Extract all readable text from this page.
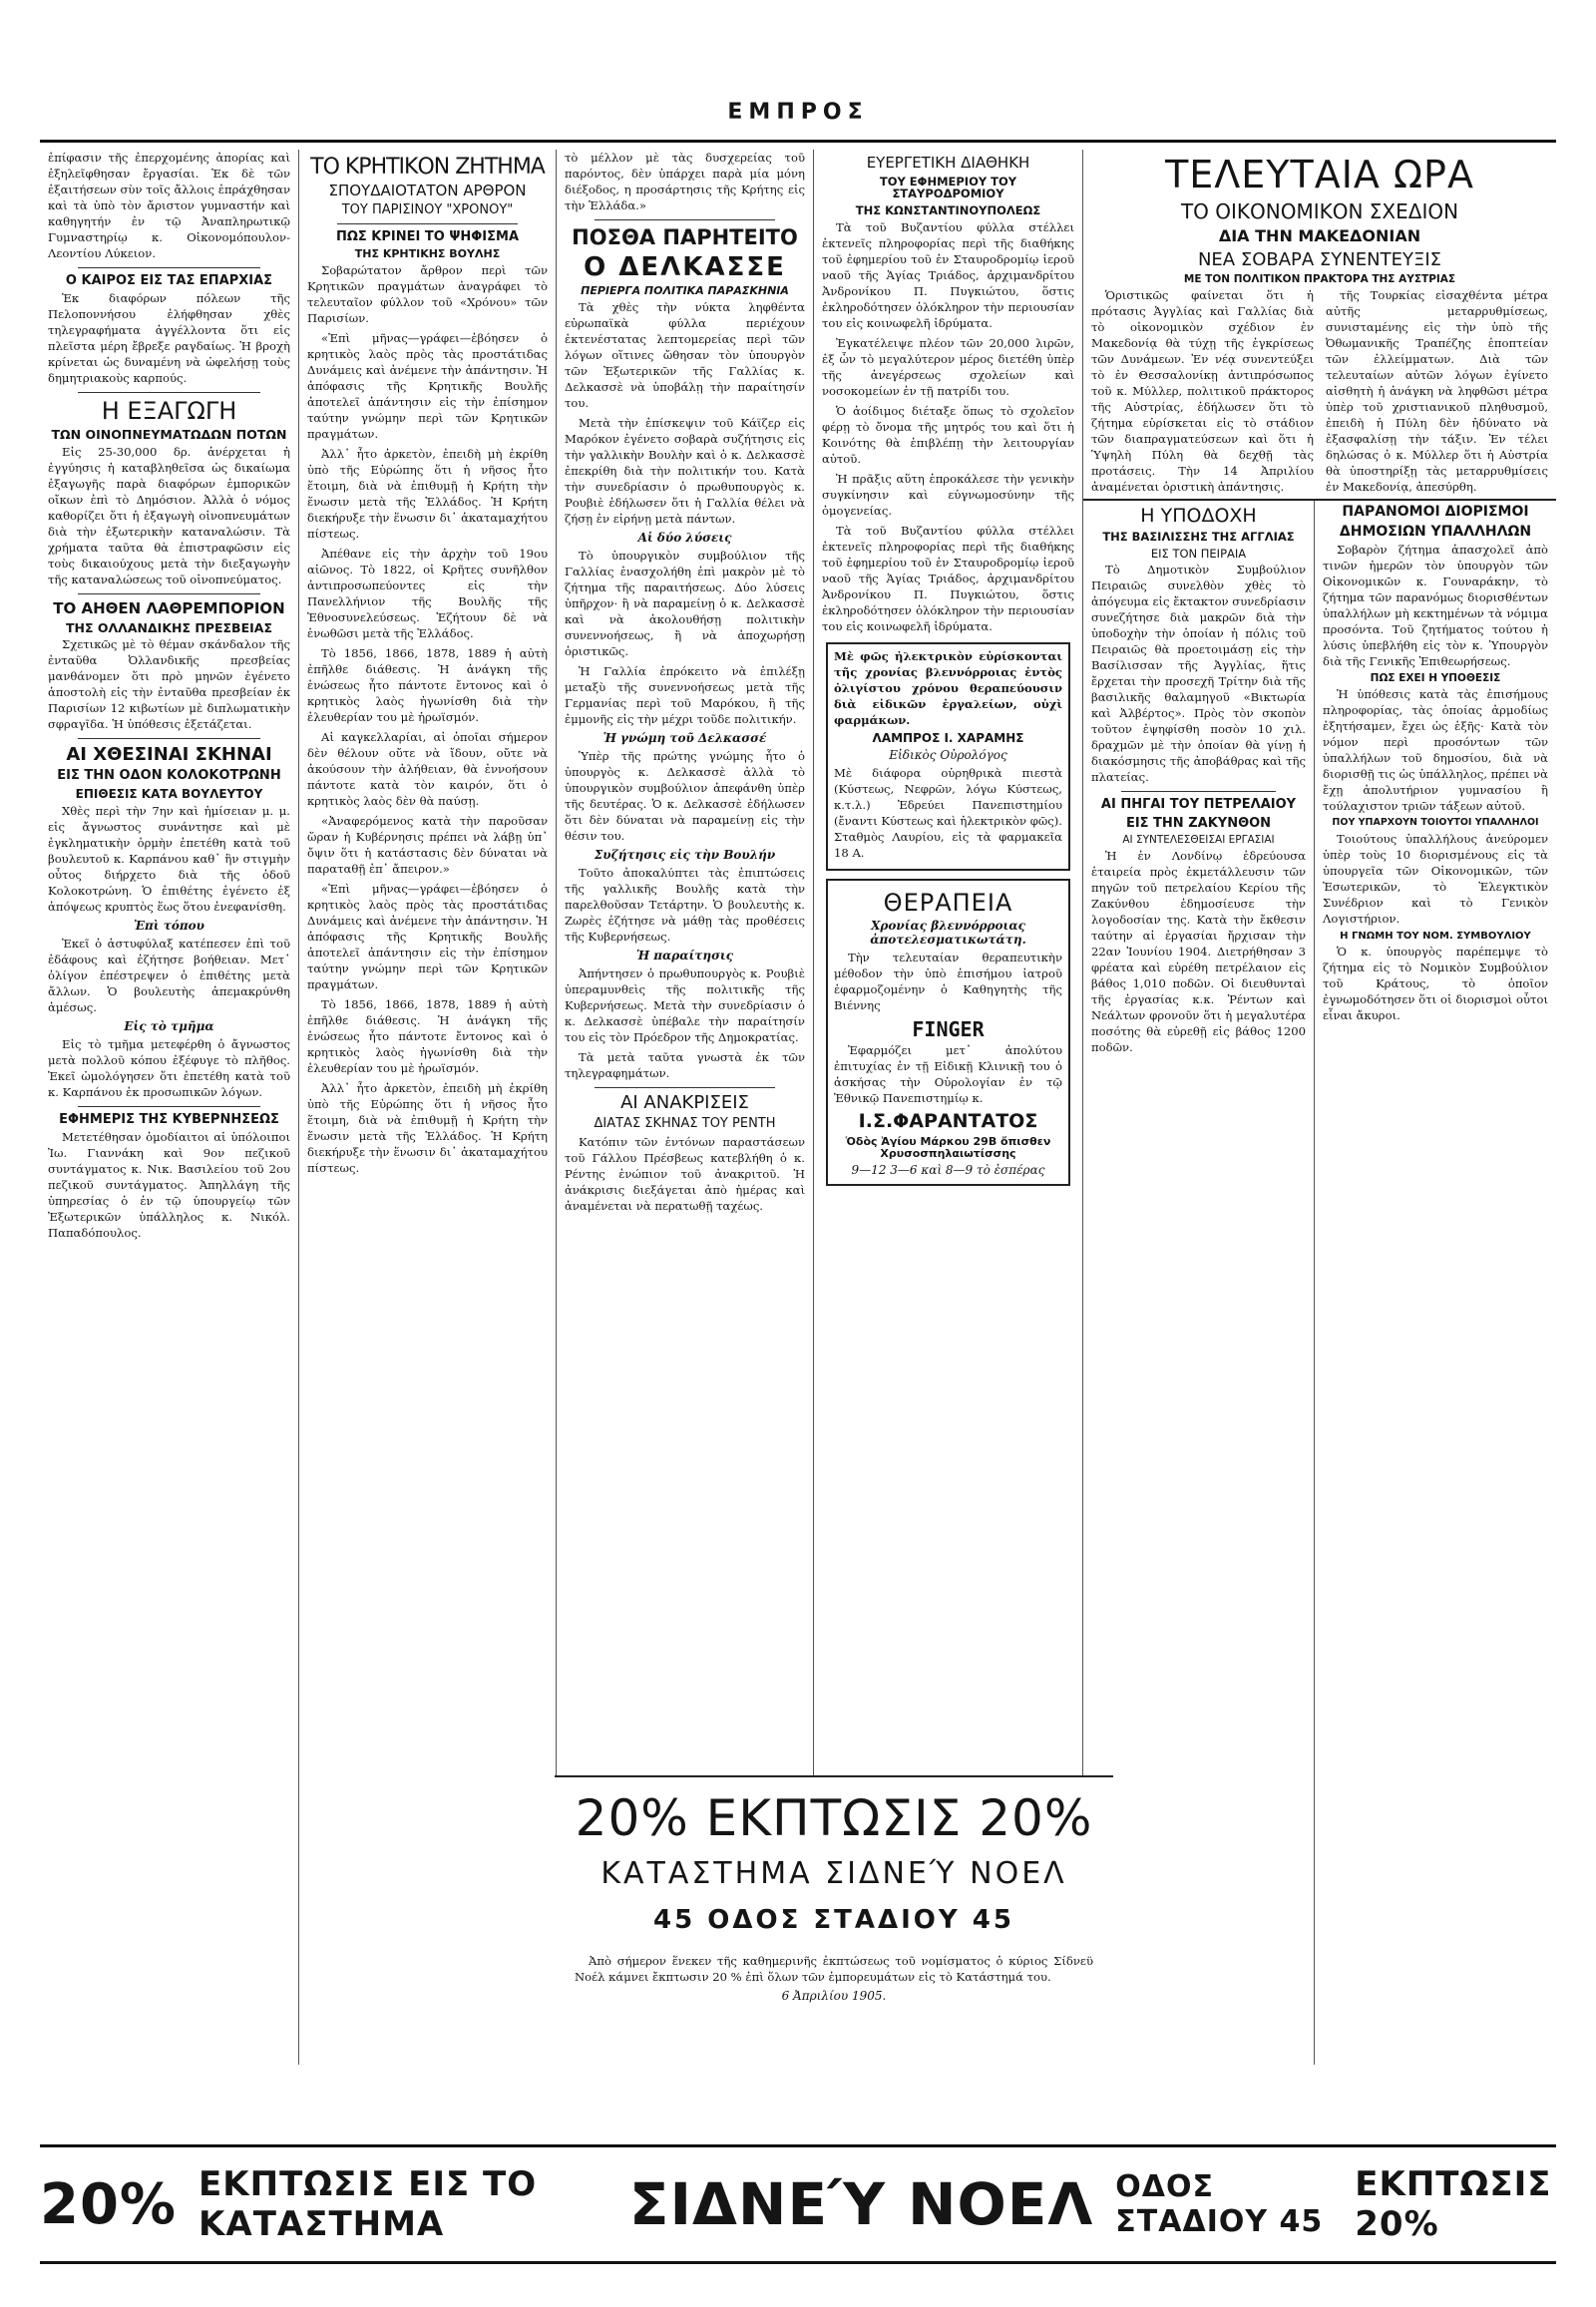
ΕΜΠΡΟΣ

ἐπίφασιν τῆς ἐπερχομένης ἀπορίας καὶ ἐξηλεῖφθησαν ἔργασίαι. Ἐκ δὲ τῶν ἐξαιτήσεων σὺν τοῖς ἄλλοις ἐπράχθησαν καὶ τὰ ὑπὸ τὸν ἄριστον γυμναστήν καὶ καθηγητήν ἐν τῷ Ἀναπληρωτικῷ Γυμναστηρίῳ κ. Οἰκονομόπουλον-Λεοντίου Λύκειον.

Ο ΚΑΙΡΟΣ ΕΙΣ ΤΑΣ ΕΠΑΡΧΙΑΣ

Ἐκ διαφόρων πόλεων τῆς Πελοποννήσου ἐλήφθησαν χθὲς τηλεγραφήματα ἀγγέλλοντα ὅτι εἰς πλεῖστα μέρη ἔβρεξε ραγδαίως. Ἡ βροχὴ κρίνεται ὡς δυναμένη νὰ ὠφελήσῃ τοὺς δημητριακοὺς καρπούς.

Η ΕΞΑΓΩΓΗ
ΤΩΝ ΟΙΝΟΠΝΕΥΜΑΤΩΔΩΝ ΠΟΤΩΝ

Εἰς 25-30,000 δρ. ἀνέρχεται ἡ ἐγγύησις ἡ καταβληθεῖσα ὡς δικαίωμα ἐξαγωγῆς παρὰ διαφόρων ἐμπορικῶν οἴκων ἐπὶ τὸ Δημόσιον. Ἀλλὰ ὁ νόμος καθορίζει ὅτι ἡ ἐξαγωγὴ οἰνοπνευμάτων διὰ τὴν ἐξωτερικὴν καταναλώσιν. Τὰ χρήματα ταῦτα θὰ ἐπιστραφῶσιν εἰς τοὺς δικαιούχους μετὰ τὴν διεξαγωγὴν τῆς καταναλώσεως τοῦ οἰνοπνεύματος.

ΤΟ ΑΗΘΕΝ ΛΑΘΡΕΜΠΟΡΙΟΝ
ΤΗΣ ΟΛΛΑΝΔΙΚΗΣ ΠΡΕΣΒΕΙΑΣ

Σχετικῶς μὲ τὸ θέμαν σκάνδαλον τῆς ἐνταῦθα Ὀλλανδικῆς πρεσβείας μανθάνομεν ὅτι πρὸ μηνῶν ἐγένετο ἀποστολὴ εἰς τὴν ἐνταῦθα πρεσβείαν ἐκ Παρισίων 12 κιβωτίων μὲ διπλωματικὴν σφραγῖδα. Ἡ ὑπόθεσις ἐξετάζεται.

ΑΙ ΧΘΕΣΙΝΑΙ ΣΚΗΝΑΙ
ΕΙΣ ΤΗΝ ΟΔΟΝ ΚΟΛΟΚΟΤΡΩΝΗ
ΕΠΙΘΕΣΙΣ ΚΑΤΑ ΒΟΥΛΕΥΤΟΥ

Χθὲς περὶ τὴν 7ην καὶ ἡμίσειαν μ. μ. εἰς ἄγνωστος συνάντησε καὶ μὲ ἐγκληματικὴν ὁρμὴν ἐπετέθη κατὰ τοῦ βουλευτοῦ κ. Καρπάνου καθ᾽ ἣν στιγμὴν οὗτος διήρχετο διὰ τῆς ὁδοῦ Κολοκοτρώνη. Ὁ ἐπιθέτης ἐγένετο ἐξ ἀπόψεως κρυπτὸς ἕως ὅτου ἐνεφανίσθη.

Ἐπὶ τόπου

Ἐκεῖ ὁ ἀστυφύλαξ κατέπεσεν ἐπὶ τοῦ ἐδάφους καὶ ἐζήτησε βοήθειαν. Μετ᾽ ὀλίγον ἐπέστρεψεν ὁ ἐπιθέτης μετὰ ἄλλων. Ὁ βουλευτὴς ἀπεμακρύνθη ἀμέσως.

Εἰς τὸ τμῆμα

Εἰς τὸ τμῆμα μετεφέρθη ὁ ἄγνωστος μετὰ πολλοῦ κόπου ἐξέφυγε τὸ πλῆθος. Ἐκεῖ ὡμολόγησεν ὅτι ἐπετέθη κατὰ τοῦ κ. Καρπάνου ἐκ προσωπικῶν λόγων.

ΕΦΗΜΕΡΙΣ ΤΗΣ ΚΥΒΕΡΝΗΣΕΩΣ

Μετετέθησαν ὁμοδίαιτοι αἱ ὑπόλοιποι Ἰω. Γιαννάκη καὶ 9ον πεζικοῦ συντάγματος κ. Νικ. Βασιλείου τοῦ 2ου πεζικοῦ συντάγματος. Ἀπηλλάγη τῆς ὑπηρεσίας ὁ ἐν τῷ ὑπουργείῳ τῶν Ἐξωτερικῶν ὑπάλληλος κ. Νικόλ. Παπαδόπουλος.

ΤΟ ΚΡΗΤΙΚΟΝ ΖΗΤΗΜΑ
ΣΠΟΥΔΑΙΟΤΑΤΟΝ ΑΡΘΡΟΝ
ΤΟΥ ΠΑΡΙΣΙΝΟΥ "ΧΡΟΝΟΥ"
ΠΩΣ ΚΡΙΝΕΙ ΤΟ ΨΗΦΙΣΜΑ
ΤΗΣ ΚΡΗΤΙΚΗΣ ΒΟΥΛΗΣ

Σοβαρώτατον ἄρθρον περὶ τῶν Κρητικῶν πραγμάτων ἀναγράφει τὸ τελευταῖον φύλλον τοῦ «Χρόνου» τῶν Παρισίων.

«Ἐπὶ μῆνας—γράφει—ἐβόησεν ὁ κρητικὸς λαὸς πρὸς τὰς προστάτιδας Δυνάμεις καὶ ἀνέμενε τὴν ἀπάντησιν. Ἡ ἀπόφασις τῆς Κρητικῆς Βουλῆς ἀποτελεῖ ἀπάντησιν εἰς τὴν ἐπίσημον ταύτην γνώμην περὶ τῶν Κρητικῶν πραγμάτων.

Ἀλλ᾽ ἦτο ἀρκετὸν, ἐπειδὴ μὴ ἐκρίθη ὑπὸ τῆς Εὐρώπης ὅτι ἡ νῆσος ἦτο ἕτοιμη, διὰ νὰ ἐπιθυμῇ ἡ Κρήτη τὴν ἕνωσιν μετὰ τῆς Ἑλλάδος. Ἡ Κρήτη διεκήρυξε τὴν ἕνωσιν δι᾽ ἀκαταμαχήτου πίστεως.

Ἀπέθανε εἰς τὴν ἀρχὴν τοῦ 19ου αἰῶνος. Τὸ 1822, οἱ Κρῆτες συνῆλθον ἀντιπροσωπεύοντες εἰς τὴν Πανελλήνιον τῆς Βουλῆς τῆς Ἐθνοσυνελεύσεως. Ἐζήτουν δὲ νὰ ἑνωθῶσι μετὰ τῆς Ἑλλάδος.

Τὸ 1856, 1866, 1878, 1889 ἡ αὐτὴ ἐπῆλθε διάθεσις. Ἡ ἀνάγκη τῆς ἑνώσεως ἦτο πάντοτε ἔντονος καὶ ὁ κρητικὸς λαὸς ἠγωνίσθη διὰ τὴν ἐλευθερίαν του μὲ ἡρωϊσμόν.

Αἱ καγκελλαρίαι, αἱ ὁποῖαι σήμερον δὲν θέλουν οὔτε νὰ ἴδουν, οὔτε νὰ ἀκούσουν τὴν ἀλήθειαν, θὰ ἐννοήσουν πάντοτε κατὰ τὸν καιρόν, ὅτι ὁ κρητικὸς λαὸς δὲν θὰ παύσῃ.

«Ἀναφερόμενος κατὰ τὴν παροῦσαν ὥραν ἡ Κυβέρνησις πρέπει νὰ λάβῃ ὑπ᾽ ὄψιν ὅτι ἡ κατάστασις δὲν δύναται νὰ παραταθῇ ἐπ᾽ ἄπειρον.»

«Ἐπὶ μῆνας—γράφει—ἐβόησεν ὁ κρητικὸς λαὸς πρὸς τὰς προστάτιδας Δυνάμεις καὶ ἀνέμενε τὴν ἀπάντησιν. Ἡ ἀπόφασις τῆς Κρητικῆς Βουλῆς ἀποτελεῖ ἀπάντησιν εἰς τὴν ἐπίσημον ταύτην γνώμην περὶ τῶν Κρητικῶν πραγμάτων.

Τὸ 1856, 1866, 1878, 1889 ἡ αὐτὴ ἐπῆλθε διάθεσις. Ἡ ἀνάγκη τῆς ἑνώσεως ἦτο πάντοτε ἔντονος καὶ ὁ κρητικὸς λαὸς ἠγωνίσθη διὰ τὴν ἐλευθερίαν του μὲ ἡρωϊσμόν.

Ἀλλ᾽ ἦτο ἀρκετὸν, ἐπειδὴ μὴ ἐκρίθη ὑπὸ τῆς Εὐρώπης ὅτι ἡ νῆσος ἦτο ἕτοιμη, διὰ νὰ ἐπιθυμῇ ἡ Κρήτη τὴν ἕνωσιν μετὰ τῆς Ἑλλάδος. Ἡ Κρήτη διεκήρυξε τὴν ἕνωσιν δι᾽ ἀκαταμαχήτου πίστεως.

τὸ μέλλον μὲ τὰς δυσχερείας τοῦ παρόντος, δὲν ὑπάρχει παρὰ μία μόνη διέξοδος, η προσάρτησις τῆς Κρήτης εἰς τὴν Ἑλλάδα.»

ΠΟΣΘΑ ΠΑΡΗΤΕΙΤΟ
Ο ΔΕΛΚΑΣΣΕ
ΠΕΡΙΕΡΓΑ ΠΟΛΙΤΙΚΑ ΠΑΡΑΣΚΗΝΙΑ

Τὰ χθὲς τὴν νύκτα ληφθέντα εὐρωπαϊκὰ φύλλα περιέχουν ἐκτενέστατας λεπτομερείας περὶ τῶν λόγων οἵτινες ὤθησαν τὸν ὑπουργὸν τῶν Ἐξωτερικῶν τῆς Γαλλίας κ. Δελκασσὲ νὰ ὑποβάλῃ τὴν παραίτησίν του.

Μετὰ τὴν ἐπίσκεψιν τοῦ Κάϊζερ εἰς Μαρόκον ἐγένετο σοβαρὰ συζήτησις εἰς τὴν γαλλικὴν Βουλὴν καὶ ὁ κ. Δελκασσὲ ἐπεκρίθη διὰ τὴν πολιτικήν του. Κατὰ τὴν συνεδρίασιν ὁ πρωθυπουργὸς κ. Ρουβιὲ ἐδήλωσεν ὅτι ἡ Γαλλία θέλει νὰ ζήσῃ ἐν εἰρήνῃ μετὰ πάντων.

Αἱ δύο λύσεις

Τὸ ὑπουργικὸν συμβούλιον τῆς Γαλλίας ἐνασχολήθη ἐπὶ μακρὸν μὲ τὸ ζήτημα τῆς παραιτήσεως. Δύο λύσεις ὑπῆρχον· ἢ νὰ παραμείνῃ ὁ κ. Δελκασσὲ καὶ νὰ ἀκολουθήσῃ πολιτικὴν συνεννοήσεως, ἢ νὰ ἀποχωρήσῃ ὁριστικῶς.

Ἡ Γαλλία ἐπρόκειτο νὰ ἐπιλέξῃ μεταξὺ τῆς συνεννοήσεως μετὰ τῆς Γερμανίας περὶ τοῦ Μαρόκου, ἢ τῆς ἐμμονῆς εἰς τὴν μέχρι τοῦδε πολιτικήν.

Ἡ γνώμη τοῦ Δελκασσέ

Ὑπὲρ τῆς πρώτης γνώμης ἦτο ὁ ὑπουργὸς κ. Δελκασσὲ ἀλλὰ τὸ ὑπουργικὸν συμβούλιον ἀπεφάνθη ὑπὲρ τῆς δευτέρας. Ὁ κ. Δελκασσὲ ἐδήλωσεν ὅτι δὲν δύναται νὰ παραμείνῃ εἰς τὴν θέσιν του.

Συζήτησις εἰς τὴν Βουλήν

Τοῦτο ἀποκαλύπτει τὰς ἐπιπτώσεις τῆς γαλλικῆς Βουλῆς κατὰ τὴν παρελθοῦσαν Τετάρτην. Ὁ βουλευτὴς κ. Ζωρὲς ἐζήτησε νὰ μάθῃ τὰς προθέσεις τῆς Κυβερνήσεως.

Ἡ παραίτησις

Ἀπήντησεν ὁ πρωθυπουργὸς κ. Ρουβιὲ ὑπεραμυνθεὶς τῆς πολιτικῆς τῆς Κυβερνήσεως. Μετὰ τὴν συνεδρίασιν ὁ κ. Δελκασσὲ ὑπέβαλε τὴν παραίτησίν του εἰς τὸν Πρόεδρον τῆς Δημοκρατίας.

Τὰ μετὰ ταῦτα γνωστὰ ἐκ τῶν τηλεγραφημάτων.

ΑΙ ΑΝΑΚΡΙΣΕΙΣ
ΔΙΑΤΑΣ ΣΚΗΝΑΣ ΤΟΥ ΡΕΝΤΗ

Κατόπιν τῶν ἐντόνων παραστάσεων τοῦ Γάλλου Πρέσβεως κατεβλήθη ὁ κ. Ρέντης ἐνώπιον τοῦ ἀνακριτοῦ. Ἡ ἀνάκρισις διεξάγεται ἀπὸ ἡμέρας καὶ ἀναμένεται νὰ περατωθῇ ταχέως.

ΕΥΕΡΓΕΤΙΚΗ ΔΙΑΘΗΚΗ
ΤΟΥ ΕΦΗΜΕΡΙΟΥ ΤΟΥ ΣΤΑΥΡΟΔΡΟΜΙΟΥ
ΤΗΣ ΚΩΝΣΤΑΝΤΙΝΟΥΠΟΛΕΩΣ

Τὰ τοῦ Βυζαντίου φύλλα στέλλει ἐκτενεῖς πληροφορίας περὶ τῆς διαθήκης τοῦ ἐφημερίου τοῦ ἐν Σταυροδρομίῳ ἱεροῦ ναοῦ τῆς Ἁγίας Τριάδος, ἀρχιμανδρίτου Ἀνδρονίκου Π. Πυγκιώτου, ὅστις ἐκληροδότησεν ὁλόκληρον τὴν περιουσίαν του εἰς κοινωφελῆ ἱδρύματα.

Ἐγκατέλειψε πλέον τῶν 20,000 λιρῶν, ἐξ ὧν τὸ μεγαλύτερον μέρος διετέθη ὑπὲρ τῆς ἀνεγέρσεως σχολείων καὶ νοσοκομείων ἐν τῇ πατρίδι του.

Ὁ ἀοίδιμος διέταξε ὅπως τὸ σχολεῖον φέρῃ τὸ ὄνομα τῆς μητρός του καὶ ὅτι ἡ Κοινότης θὰ ἐπιβλέπῃ τὴν λειτουργίαν αὐτοῦ.

Ἡ πρᾶξις αὕτη ἐπροκάλεσε τὴν γενικὴν συγκίνησιν καὶ εὐγνωμοσύνην τῆς ὁμογενείας.

Τὰ τοῦ Βυζαντίου φύλλα στέλλει ἐκτενεῖς πληροφορίας περὶ τῆς διαθήκης τοῦ ἐφημερίου τοῦ ἐν Σταυροδρομίῳ ἱεροῦ ναοῦ τῆς Ἁγίας Τριάδος, ἀρχιμανδρίτου Ἀνδρονίκου Π. Πυγκιώτου, ὅστις ἐκληροδότησεν ὁλόκληρον τὴν περιουσίαν του εἰς κοινωφελῆ ἱδρύματα.

Μὲ φῶς ἠλεκτρικὸν εὑρίσκονται τῆς χρονίας βλεννόρροιας ἐντὸς ὀλιγίστου χρόνου θεραπεύουσιν διὰ εἰδικῶν ἐργαλείων, οὐχὶ φαρμάκων.

ΛΑΜΠΡΟΣ Ι. ΧΑΡΑΜΗΣ
Εἰδικὸς Οὐρολόγος

Μὲ διάφορα οὐρηθρικὰ πιεστὰ (Κύστεως, Νεφρῶν, λόγω Κύστεως, κ.τ.λ.) Ἐδρεύει Πανεπιστημίου (ἔναντι Κύστεως καὶ ἠλεκτρικὸν φῶς). Σταθμὸς Λαυρίου, εἰς τὰ φαρμακεῖα 18 Α.

ΘΕΡΑΠΕΙΑ
Χρονίας βλεννόρροιας ἀποτελεσματικωτάτη.

Τὴν τελευταίαν θεραπευτικὴν μέθοδον τὴν ὑπὸ ἐπισήμου ἰατροῦ ἐφαρμοζομένην ὁ Καθηγητὴς τῆς Βιέννης

FINGER

Ἐφαρμόζει μετ᾽ ἀπολύτου ἐπιτυχίας ἐν τῇ Εἰδικῇ Κλινικῇ του ὁ ἀσκήσας τὴν Οὐρολογίαν ἐν τῷ Ἐθνικῷ Πανεπιστημίῳ κ.

Ι.Σ.ΦΑΡΑΝΤΑΤΟΣ
Ὁδὸς Ἁγίου Μάρκου 29Β ὄπισθεν Χρυσοσπηλαιωτίσσης
9—12 3—6 καὶ 8—9 τὸ ἑσπέρας
ΤΕΛΕΥΤΑΙΑ ΩΡΑ
ΤΟ ΟΙΚΟΝΟΜΙΚΟΝ ΣΧΕΔΙΟΝ
ΔΙΑ ΤΗΝ ΜΑΚΕΔΟΝΙΑΝ
ΝΕΑ ΣΟΒΑΡΑ ΣΥΝΕΝΤΕΥΞΙΣ
ΜΕ ΤΟΝ ΠΟΛΙΤΙΚΟΝ ΠΡΑΚΤΟΡΑ ΤΗΣ ΑΥΣΤΡΙΑΣ

Ὁριστικῶς φαίνεται ὅτι ἡ πρότασις Ἀγγλίας καὶ Γαλλίας διὰ τὸ οἰκονομικὸν σχέδιον ἐν Μακεδονίᾳ θὰ τύχῃ τῆς ἐγκρίσεως τῶν Δυνάμεων. Ἐν νέᾳ συνεντεύξει τὸ ἐν Θεσσαλονίκῃ ἀντιπρόσωπος τοῦ κ. Μύλλερ, πολιτικοῦ πράκτορος τῆς Αὐστρίας, ἐδήλωσεν ὅτι τὸ ζήτημα εὑρίσκεται εἰς τὸ στάδιον τῶν διαπραγματεύσεων καὶ ὅτι ἡ Ὑψηλὴ Πύλη θὰ δεχθῇ τὰς προτάσεις. Τὴν 14 Ἀπριλίου ἀναμένεται ὁριστικὴ ἀπάντησις.

τῆς Τουρκίας εἰσαχθέντα μέτρα αὐτῆς μεταρρυθμίσεως, συνισταμένης εἰς τὴν ὑπὸ τῆς Ὀθωμανικῆς Τραπέζης ἐποπτείαν τῶν ἐλλείμματων. Διὰ τῶν τελευταίων αὐτῶν λόγων ἐγίνετο αἰσθητὴ ἡ ἀνάγκη νὰ ληφθῶσι μέτρα ὑπὲρ τοῦ χριστιανικοῦ πληθυσμοῦ, ἐπειδὴ ἡ Πύλη δὲν ἠδύνατο νὰ ἐξασφαλίσῃ τὴν τάξιν. Ἐν τέλει δηλώσας ὁ κ. Μύλλερ ὅτι ἡ Αὐστρία θὰ ὑποστηρίξῃ τὰς μεταρρυθμίσεις ἐν Μακεδονίᾳ, ἀπεσύρθη.

Η ΥΠΟΔΟΧΗ
ΤΗΣ ΒΑΣΙΛΙΣΣΗΣ ΤΗΣ ΑΓΓΛΙΑΣ
ΕΙΣ ΤΟΝ ΠΕΙΡΑΙΑ

Τὸ Δημοτικὸν Συμβούλιον Πειραιῶς συνελθὸν χθὲς τὸ ἀπόγευμα εἰς ἔκτακτον συνεδρίασιν συνεζήτησε διὰ μακρῶν διὰ τὴν ὑποδοχὴν τὴν ὁποίαν ἡ πόλις τοῦ Πειραιῶς θὰ προετοιμάσῃ εἰς τὴν Βασίλισσαν τῆς Ἀγγλίας, ἥτις ἔρχεται τὴν προσεχῆ Τρίτην διὰ τῆς βασιλικῆς θαλαμηγοῦ «Βικτωρία καὶ Ἀλβέρτος». Πρὸς τὸν σκοπὸν τοῦτον ἐψηφίσθη ποσὸν 10 χιλ. δραχμῶν μὲ τὴν ὁποίαν θὰ γίνῃ ἡ διακόσμησις τῆς ἀποβάθρας καὶ τῆς πλατείας.

ΑΙ ΠΗΓΑΙ ΤΟΥ ΠΕΤΡΕΛΑΙΟΥ
ΕΙΣ ΤΗΝ ΖΑΚΥΝΘΟΝ
ΑΙ ΣΥΝΤΕΛΕΣΘΕΙΣΑΙ ΕΡΓΑΣΙΑΙ

Ἡ ἐν Λονδίνῳ ἑδρεύουσα ἑταιρεία πρὸς ἐκμετάλλευσιν τῶν πηγῶν τοῦ πετρελαίου Κερίου τῆς Ζακύνθου ἐδημοσίευσε τὴν λογοδοσίαν της. Κατὰ τὴν ἔκθεσιν ταύτην αἱ ἐργασίαι ἤρχισαν τὴν 22αν Ἰουνίου 1904. Διετρήθησαν 3 φρέατα καὶ εὑρέθη πετρέλαιον εἰς βάθος 1,010 ποδῶν. Οἱ διευθυνταὶ τῆς ἐργασίας κ.κ. Ῥέντων καὶ Νεάλτων φρονοῦν ὅτι ἡ μεγαλυτέρα ποσότης θὰ εὑρεθῇ εἰς βάθος 1200 ποδῶν.

ΠΑΡΑΝΟΜΟΙ ΔΙΟΡΙΣΜΟΙ
ΔΗΜΟΣΙΩΝ ΥΠΑΛΛΗΛΩΝ

Σοβαρὸν ζήτημα ἀπασχολεῖ ἀπὸ τινῶν ἡμερῶν τὸν ὑπουργὸν τῶν Οἰκονομικῶν κ. Γουναράκην, τὸ ζήτημα τῶν παρανόμως διορισθέντων ὑπαλλήλων μὴ κεκτημένων τὰ νόμιμα προσόντα. Τοῦ ζητήματος τούτου ἡ λύσις ὑπεβλήθη εἰς τὸν κ. Ὑπουργὸν διὰ τῆς Γενικῆς Ἐπιθεωρήσεως.

ΠΩΣ ΕΧΕΙ Η ΥΠΟΘΕΣΙΣ

Ἡ ὑπόθεσις κατὰ τὰς ἐπισήμους πληροφορίας, τὰς ὁποίας ἀρμοδίως ἐξητήσαμεν, ἔχει ὡς ἑξῆς· Κατὰ τὸν νόμον περὶ προσόντων τῶν ὑπαλλήλων τοῦ δημοσίου, διὰ νὰ διορισθῇ τις ὡς ὑπάλληλος, πρέπει νὰ ἔχῃ ἀπολυτήριον γυμνασίου ἢ τούλαχιστον τριῶν τάξεων αὐτοῦ.

ΠΟΥ ΥΠΑΡΧΟΥΝ ΤΟΙΟΥΤΟΙ ΥΠΑΛΛΗΛΟΙ

Τοιούτους ὑπαλλήλους ἀνεύρομεν ὑπὲρ τοὺς 10 διορισμένους εἰς τὰ ὑπουργεῖα τῶν Οἰκονομικῶν, τῶν Ἐσωτερικῶν, τὸ Ἐλεγκτικὸν Συνέδριον καὶ τὸ Γενικὸν Λογιστήριον.

Η ΓΝΩΜΗ ΤΟΥ ΝΟΜ. ΣΥΜΒΟΥΛΙΟΥ

Ὁ κ. ὑπουργὸς παρέπεμψε τὸ ζήτημα εἰς τὸ Νομικὸν Συμβούλιον τοῦ Κράτους, τὸ ὁποῖον ἐγνωμοδότησεν ὅτι οἱ διορισμοὶ οὗτοι εἶναι ἄκυροι.

20% ΕΚΠΤΩΣΙΣ 20%
ΚΑΤΑΣΤΗΜΑ ΣΙΔΝΕΎ ΝΟΕΛ
45 ΟΔΟΣ ΣΤΑΔΙΟΥ 45

Ἀπὸ σήμερον ἕνεκεν τῆς καθημερινῆς ἐκπτώσεως τοῦ νομίσματος ὁ κύριος Σίδνεϋ Νοέλ κάμνει ἔκπτωσιν 20 % ἐπὶ ὅλων τῶν ἐμπορευμάτων εἰς τὸ Κατάστημά του.

6 Ἀπριλίου 1905.
20% ΕΚΠΤΩΣΙΣ ΕΙΣ ΤΟ ΚΑΤΑΣΤΗΜΑ	ΣΙΔΝΕΎ ΝΟΕΛ ΟΔΟΣ ΣΤΑΔΙΟΥ 45
ΕΚΠΤΩΣΙΣ 20%
